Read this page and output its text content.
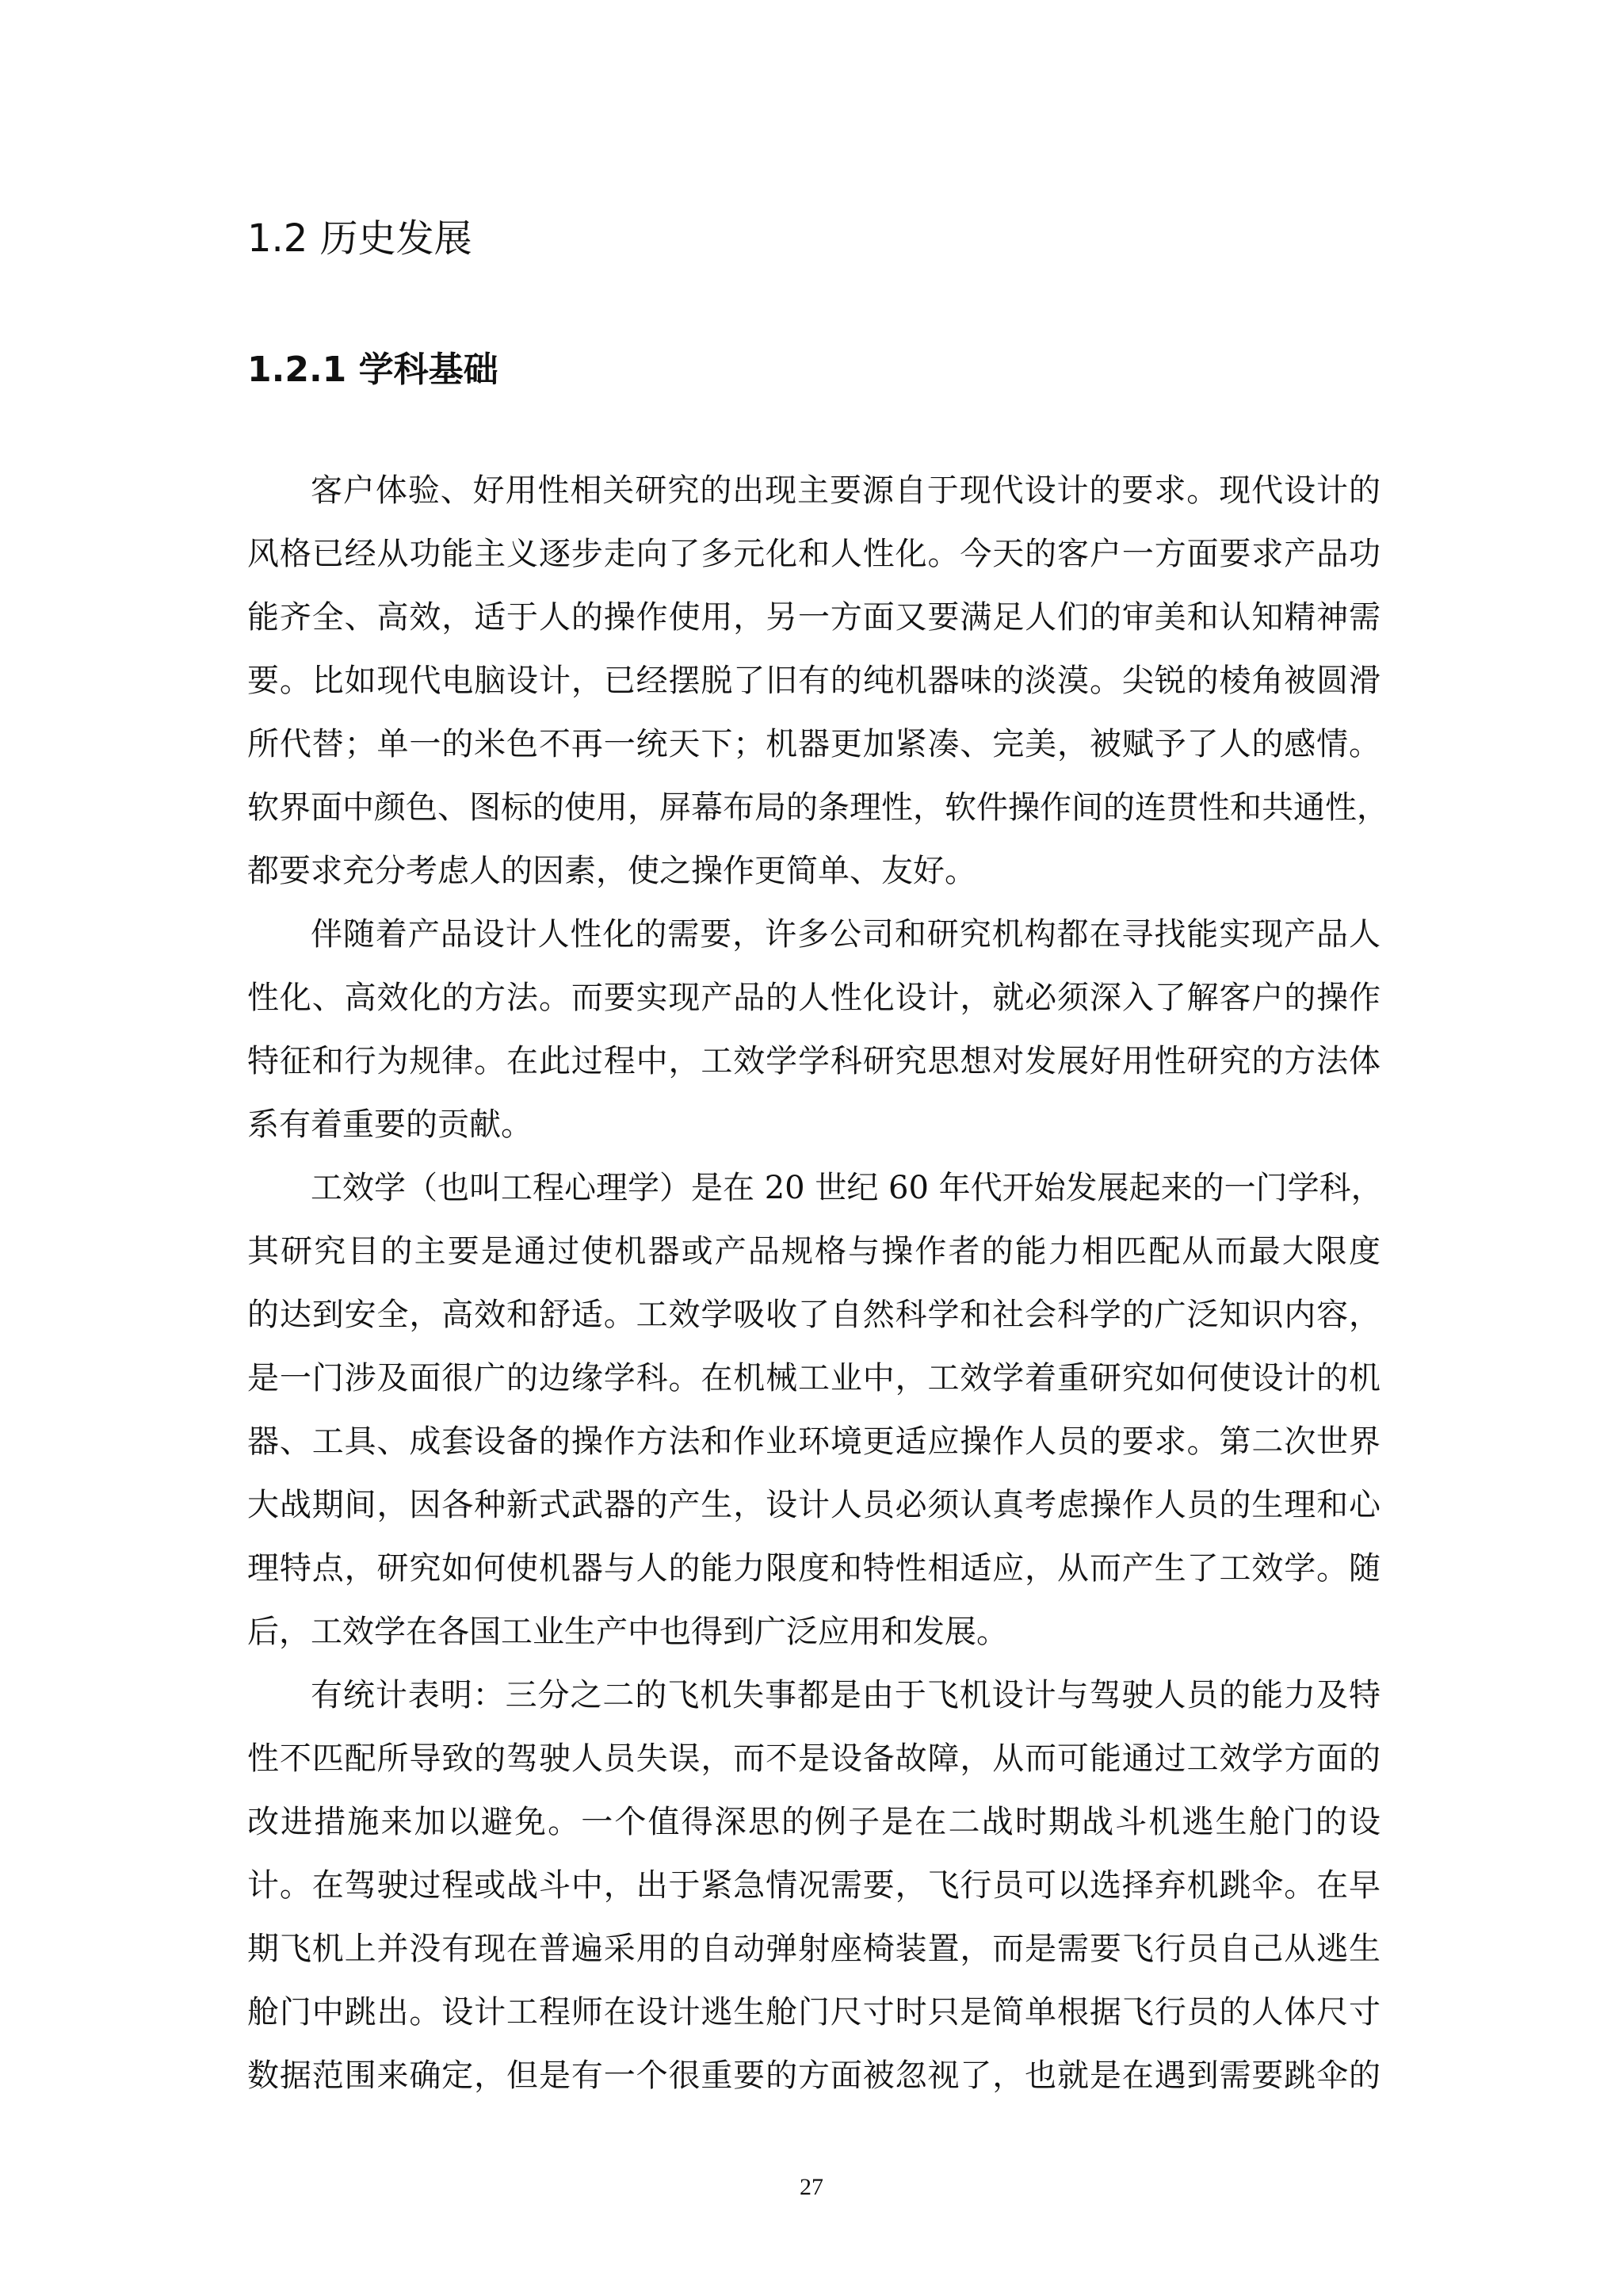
1.2 历史发展
1.2.1 学科基础
客户体验、好用性相关研究的出现主要源自于现代设计的要求。现代设计的
风格已经从功能主义逐步走向了多元化和人性化。今天的客户一方面要求产品功
能齐全、高效，适于人的操作使用，另一方面又要满足人们的审美和认知精神需
要。比如现代电脑设计，已经摆脱了旧有的纯机器味的淡漠。尖锐的棱角被圆滑
所代替；单一的米色不再一统天下；机器更加紧凑、完美，被赋予了人的感情。
软界面中颜色、图标的使用，屏幕布局的条理性，软件操作间的连贯性和共通性，
都要求充分考虑人的因素，使之操作更简单、友好。
伴随着产品设计人性化的需要，许多公司和研究机构都在寻找能实现产品人
性化、高效化的方法。而要实现产品的人性化设计，就必须深入了解客户的操作
特征和行为规律。在此过程中，工效学学科研究思想对发展好用性研究的方法体
系有着重要的贡献。
工效学（也叫工程心理学）是在 20 世纪 60 年代开始发展起来的一门学科，
其研究目的主要是通过使机器或产品规格与操作者的能力相匹配从而最大限度
的达到安全，高效和舒适。工效学吸收了自然科学和社会科学的广泛知识内容，
是一门涉及面很广的边缘学科。在机械工业中，工效学着重研究如何使设计的机
器、工具、成套设备的操作方法和作业环境更适应操作人员的要求。第二次世界
大战期间，因各种新式武器的产生，设计人员必须认真考虑操作人员的生理和心
理特点，研究如何使机器与人的能力限度和特性相适应，从而产生了工效学。随
后，工效学在各国工业生产中也得到广泛应用和发展。
有统计表明：三分之二的飞机失事都是由于飞机设计与驾驶人员的能力及特
性不匹配所导致的驾驶人员失误，而不是设备故障，从而可能通过工效学方面的
改进措施来加以避免。一个值得深思的例子是在二战时期战斗机逃生舱门的设
计。在驾驶过程或战斗中，出于紧急情况需要，飞行员可以选择弃机跳伞。在早
期飞机上并没有现在普遍采用的自动弹射座椅装置，而是需要飞行员自己从逃生
舱门中跳出。设计工程师在设计逃生舱门尺寸时只是简单根据飞行员的人体尺寸
数据范围来确定，但是有一个很重要的方面被忽视了，也就是在遇到需要跳伞的
27
